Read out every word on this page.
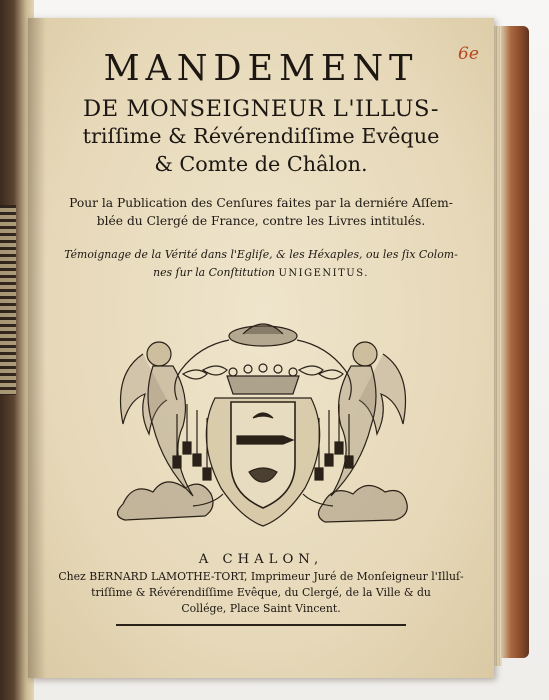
6e
MANDEMENT
DE MONSEIGNEUR L'ILLUS-
triſſime & Révérendiſſime Evêque
& Comte de Châlon.
Pour la Publication des Cenſures faites par la derniére Aſſem-
blée du Clergé de France, contre les Livres intitulés.
Témoignage de la Vérité dans l'Egliſe, & les Héxaples, ou les ſix Colom-
nes ſur la Conſtitution UNIGENITUS.
A CHALON,
Chez BERNARD LAMOTHE-TORT, Imprimeur Juré de Monſeigneur l'Illuſ-
triſſime & Révérendiſſime Evêque, du Clergé, de la Ville & du
Collége, Place Saint Vincent.
